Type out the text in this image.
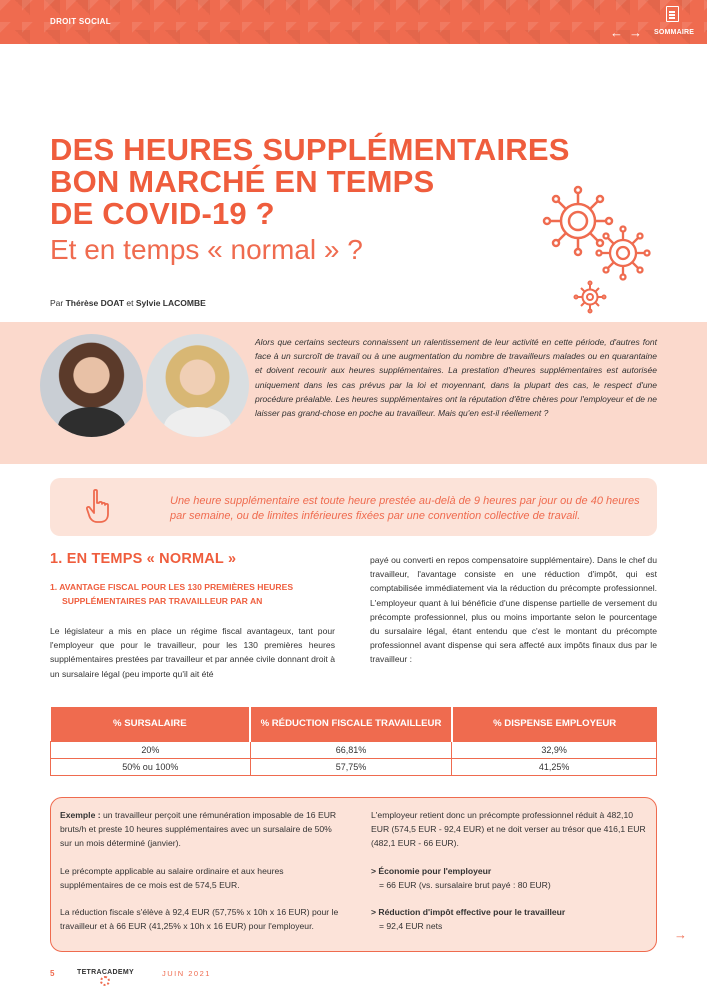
DROIT SOCIAL
← → SOMMAIRE
DES HEURES SUPPLÉMENTAIRES
BON MARCHÉ EN TEMPS
DE COVID-19 ?
Et en temps « normal » ?
Par Thérèse DOAT et Sylvie LACOMBE

Alors que certains secteurs connaissent un ralentissement de leur activité en cette période, d'autres font face à un surcroît de travail ou à une augmentation du nombre de travailleurs malades ou en quarantaine et doivent recourir aux heures supplémentaires. La prestation d'heures supplémentaires est autorisée uniquement dans les cas prévus par la loi et moyennant, dans la plupart des cas, le respect d'une procédure préalable. Les heures supplémentaires ont la réputation d'être chères pour l'employeur et de ne laisser pas grand-chose en poche au travailleur. Mais qu'en est-il réellement ?

Une heure supplémentaire est toute heure prestée au-delà de 9 heures par jour ou de 40 heures par semaine, ou de limites inférieures fixées par une convention collective de travail.

1. EN TEMPS « NORMAL »
1. AVANTAGE FISCAL POUR LES 130 PREMIÈRES HEURES
SUPPLÉMENTAIRES PAR TRAVAILLEUR PAR AN

Le législateur a mis en place un régime fiscal avantageux, tant pour l'employeur que pour le travailleur, pour les 130 premières heures supplémentaires prestées par travailleur et par année civile donnant droit à un sursalaire légal (peu importe qu'il ait été

payé ou converti en repos compensatoire supplémentaire). Dans le chef du travailleur, l'avantage consiste en une réduction d'impôt, qui est comptabilisée immédiatement via la réduction du précompte professionnel. L'employeur quant à lui bénéficie d'une dispense partielle de versement du précompte professionnel, plus ou moins importante selon le pourcentage du sursalaire légal, étant entendu que c'est le montant du précompte professionnel avant dispense qui sera affecté aux impôts finaux dus par le travailleur :

% SURSALAIRE	% RÉDUCTION FISCALE TRAVAILLEUR	% DISPENSE EMPLOYEUR
20%	66,81%	32,9%
50% ou 100%	57,75%	41,25%

Exemple : un travailleur perçoit une rémunération imposable de 16 EUR bruts/h et preste 10 heures supplémentaires avec un sursalaire de 50% sur un mois déterminé (janvier).

Le précompte applicable au salaire ordinaire et aux heures supplémentaires de ce mois est de 574,5 EUR.

La réduction fiscale s'élève à 92,4 EUR (57,75% x 10h x 16 EUR) pour le travailleur et à 66 EUR (41,25% x 10h x 16 EUR) pour l'employeur.

L'employeur retient donc un précompte professionnel réduit à 482,10 EUR (574,5 EUR - 92,4 EUR) et ne doit verser au trésor que 416,1 EUR (482,1 EUR - 66 EUR).

> Économie pour l'employeur
= 66 EUR (vs. sursalaire brut payé : 80 EUR)

> Réduction d'impôt effective pour le travailleur
= 92,4 EUR nets

→
5	TETRACADEMY	JUIN 2021
